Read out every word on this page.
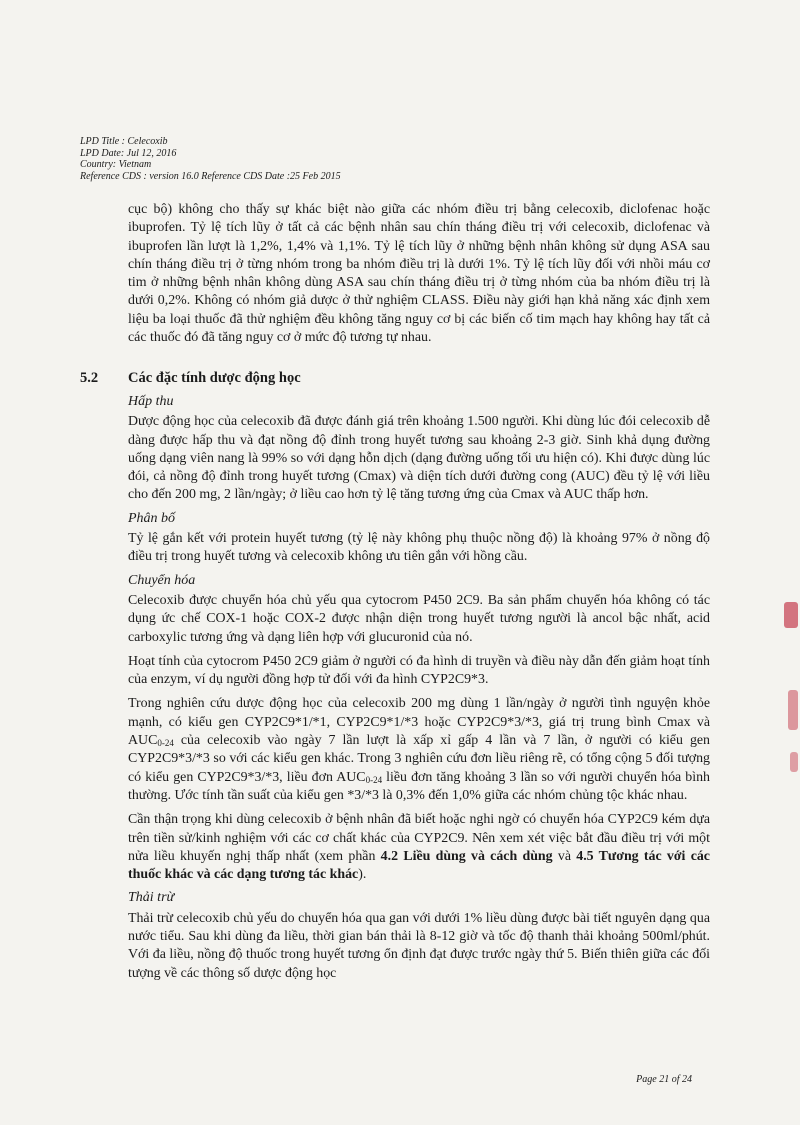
LPD Title : Celecoxib
LPD Date: Jul 12, 2016
Country: Vietnam
Reference CDS : version 16.0 Reference CDS Date :25 Feb 2015

cục bộ) không cho thấy sự khác biệt nào giữa các nhóm điều trị bằng celecoxib, diclofenac hoặc ibuprofen. Tỷ lệ tích lũy ở tất cả các bệnh nhân sau chín tháng điều trị với celecoxib, diclofenac và ibuprofen lần lượt là 1,2%, 1,4% và 1,1%. Tỷ lệ tích lũy ở những bệnh nhân không sử dụng ASA sau chín tháng điều trị ở từng nhóm trong ba nhóm điều trị là dưới 1%. Tỷ lệ tích lũy đối với nhồi máu cơ tim ở những bệnh nhân không dùng ASA sau chín tháng điều trị ở từng nhóm của ba nhóm điều trị là dưới 0,2%. Không có nhóm giả dược ở thử nghiệm CLASS. Điều này giới hạn khả năng xác định xem liệu ba loại thuốc đã thử nghiệm đều không tăng nguy cơ bị các biến cố tim mạch hay không hay tất cả các thuốc đó đã tăng nguy cơ ở mức độ tương tự nhau.

5.2 Các đặc tính dược động học

Hấp thu

Dược động học của celecoxib đã được đánh giá trên khoảng 1.500 người. Khi dùng lúc đói celecoxib dễ dàng được hấp thu và đạt nồng độ đỉnh trong huyết tương sau khoảng 2-3 giờ. Sinh khả dụng đường uống dạng viên nang là 99% so với dạng hỗn dịch (dạng đường uống tối ưu hiện có). Khi được dùng lúc đói, cả nồng độ đỉnh trong huyết tương (Cmax) và diện tích dưới đường cong (AUC) đều tỷ lệ với liều cho đến 200 mg, 2 lần/ngày; ở liều cao hơn tỷ lệ tăng tương ứng của Cmax và AUC thấp hơn.

Phân bố

Tỷ lệ gắn kết với protein huyết tương (tỷ lệ này không phụ thuộc nồng độ) là khoảng 97% ở nồng độ điều trị trong huyết tương và celecoxib không ưu tiên gắn với hồng cầu.

Chuyển hóa

Celecoxib được chuyển hóa chủ yếu qua cytocrom P450 2C9. Ba sản phẩm chuyển hóa không có tác dụng ức chế COX-1 hoặc COX-2 được nhận diện trong huyết tương người là ancol bậc nhất, acid carboxylic tương ứng và dạng liên hợp với glucuronid của nó.

Hoạt tính của cytocrom P450 2C9 giảm ở người có đa hình di truyền và điều này dẫn đến giảm hoạt tính của enzym, ví dụ người đồng hợp tử đối với đa hình CYP2C9*3.

Trong nghiên cứu dược động học của celecoxib 200 mg dùng 1 lần/ngày ở người tình nguyện khỏe mạnh, có kiểu gen CYP2C9*1/*1, CYP2C9*1/*3 hoặc CYP2C9*3/*3, giá trị trung bình Cmax và $AUC_{0-24}$ của celecoxib vào ngày 7 lần lượt là xấp xỉ gấp 4 lần và 7 lần, ở người có kiểu gen CYP2C9*3/*3 so với các kiểu gen khác. Trong 3 nghiên cứu đơn liều riêng rẽ, có tổng cộng 5 đối tượng có kiểu gen CYP2C9*3/*3, liều đơn $AUC_{0-24}$ liều đơn tăng khoảng 3 lần so với người chuyển hóa bình thường. Ước tính tần suất của kiểu gen *3/*3 là 0,3% đến 1,0% giữa các nhóm chủng tộc khác nhau.

Cần thận trọng khi dùng celecoxib ở bệnh nhân đã biết hoặc nghi ngờ có chuyển hóa CYP2C9 kém dựa trên tiền sử/kinh nghiệm với các cơ chất khác của CYP2C9. Nên xem xét việc bắt đầu điều trị với một nửa liều khuyến nghị thấp nhất (xem phần 4.2 Liều dùng và cách dùng và 4.5 Tương tác với các thuốc khác và các dạng tương tác khác).

Thải trừ

Thải trừ celecoxib chủ yếu do chuyển hóa qua gan với dưới 1% liều dùng được bài tiết nguyên dạng qua nước tiểu. Sau khi dùng đa liều, thời gian bán thải là 8-12 giờ và tốc độ thanh thải khoảng 500ml/phút. Với đa liều, nồng độ thuốc trong huyết tương ổn định đạt được trước ngày thứ 5. Biến thiên giữa các đối tượng về các thông số dược động học

Page 21 of 24
